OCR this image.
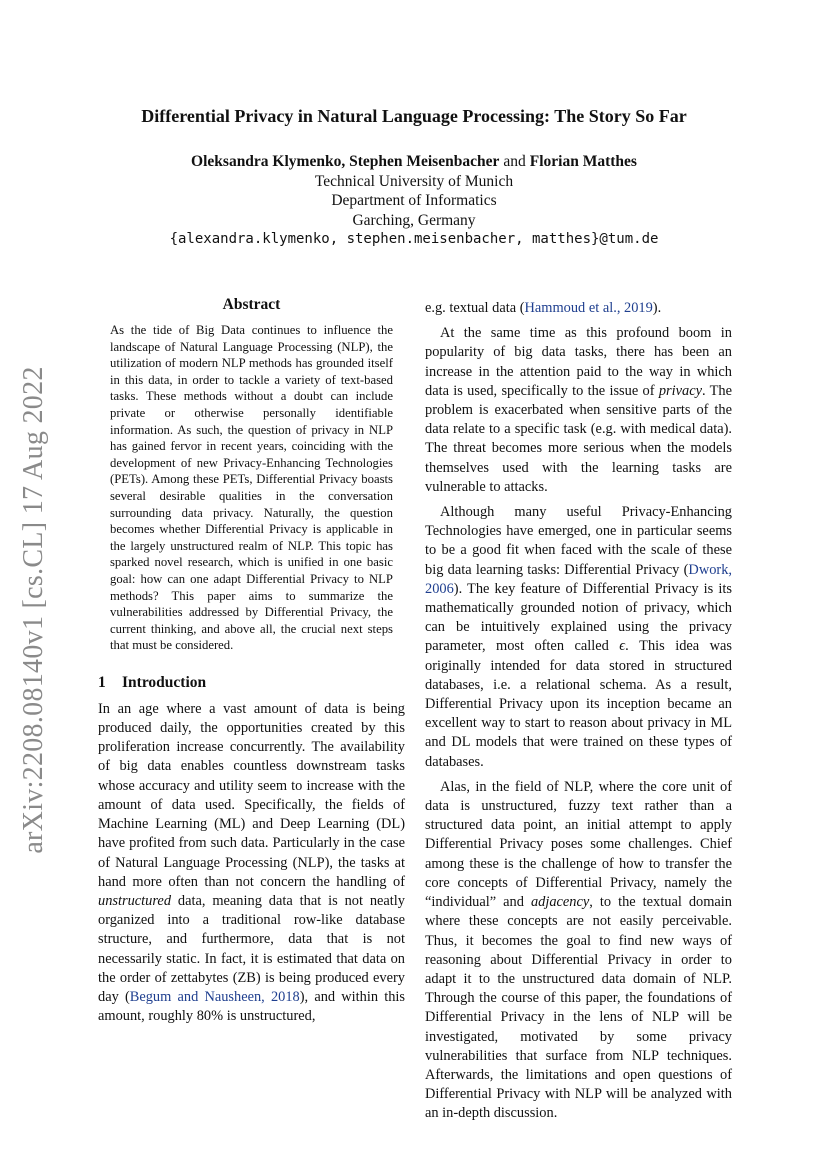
arXiv:2208.08140v1 [cs.CL] 17 Aug 2022
Differential Privacy in Natural Language Processing: The Story So Far
Oleksandra Klymenko, Stephen Meisenbacher and Florian Matthes
Technical University of Munich
Department of Informatics
Garching, Germany
{alexandra.klymenko, stephen.meisenbacher, matthes}@tum.de
Abstract
As the tide of Big Data continues to influence the landscape of Natural Language Processing (NLP), the utilization of modern NLP methods has grounded itself in this data, in order to tackle a variety of text-based tasks. These methods without a doubt can include private or otherwise personally identifiable information. As such, the question of privacy in NLP has gained fervor in recent years, coinciding with the development of new Privacy-Enhancing Technologies (PETs). Among these PETs, Differential Privacy boasts several desirable qualities in the conversation surrounding data privacy. Naturally, the question becomes whether Differential Privacy is applicable in the largely unstructured realm of NLP. This topic has sparked novel research, which is unified in one basic goal: how can one adapt Differential Privacy to NLP methods? This paper aims to summarize the vulnerabilities addressed by Differential Privacy, the current thinking, and above all, the crucial next steps that must be considered.
1 Introduction

In an age where a vast amount of data is being produced daily, the opportunities created by this proliferation increase concurrently. The availability of big data enables countless downstream tasks whose accuracy and utility seem to increase with the amount of data used. Specifically, the fields of Machine Learning (ML) and Deep Learning (DL) have profited from such data. Particularly in the case of Natural Language Processing (NLP), the tasks at hand more often than not concern the handling of unstructured data, meaning data that is not neatly organized into a traditional row-like database structure, and furthermore, data that is not necessarily static. In fact, it is estimated that data on the order of zettabytes (ZB) is being produced every day (Begum and Nausheen, 2018), and within this amount, roughly 80% is unstructured,

e.g. textual data (Hammoud et al., 2019).

At the same time as this profound boom in popularity of big data tasks, there has been an increase in the attention paid to the way in which data is used, specifically to the issue of privacy. The problem is exacerbated when sensitive parts of the data relate to a specific task (e.g. with medical data). The threat becomes more serious when the models themselves used with the learning tasks are vulnerable to attacks.

Although many useful Privacy-Enhancing Technologies have emerged, one in particular seems to be a good fit when faced with the scale of these big data learning tasks: Differential Privacy (Dwork, 2006). The key feature of Differential Privacy is its mathematically grounded notion of privacy, which can be intuitively explained using the privacy parameter, most often called ϵ. This idea was originally intended for data stored in structured databases, i.e. a relational schema. As a result, Differential Privacy upon its inception became an excellent way to start to reason about privacy in ML and DL models that were trained on these types of databases.

Alas, in the field of NLP, where the core unit of data is unstructured, fuzzy text rather than a structured data point, an initial attempt to apply Differential Privacy poses some challenges. Chief among these is the challenge of how to transfer the core concepts of Differential Privacy, namely the “individual” and adjacency, to the textual domain where these concepts are not easily perceivable. Thus, it becomes the goal to find new ways of reasoning about Differential Privacy in order to adapt it to the unstructured data domain of NLP. Through the course of this paper, the foundations of Differential Privacy in the lens of NLP will be investigated, motivated by some privacy vulnerabilities that surface from NLP techniques. Afterwards, the limitations and open questions of Differential Privacy with NLP will be analyzed with an in-depth discussion.
